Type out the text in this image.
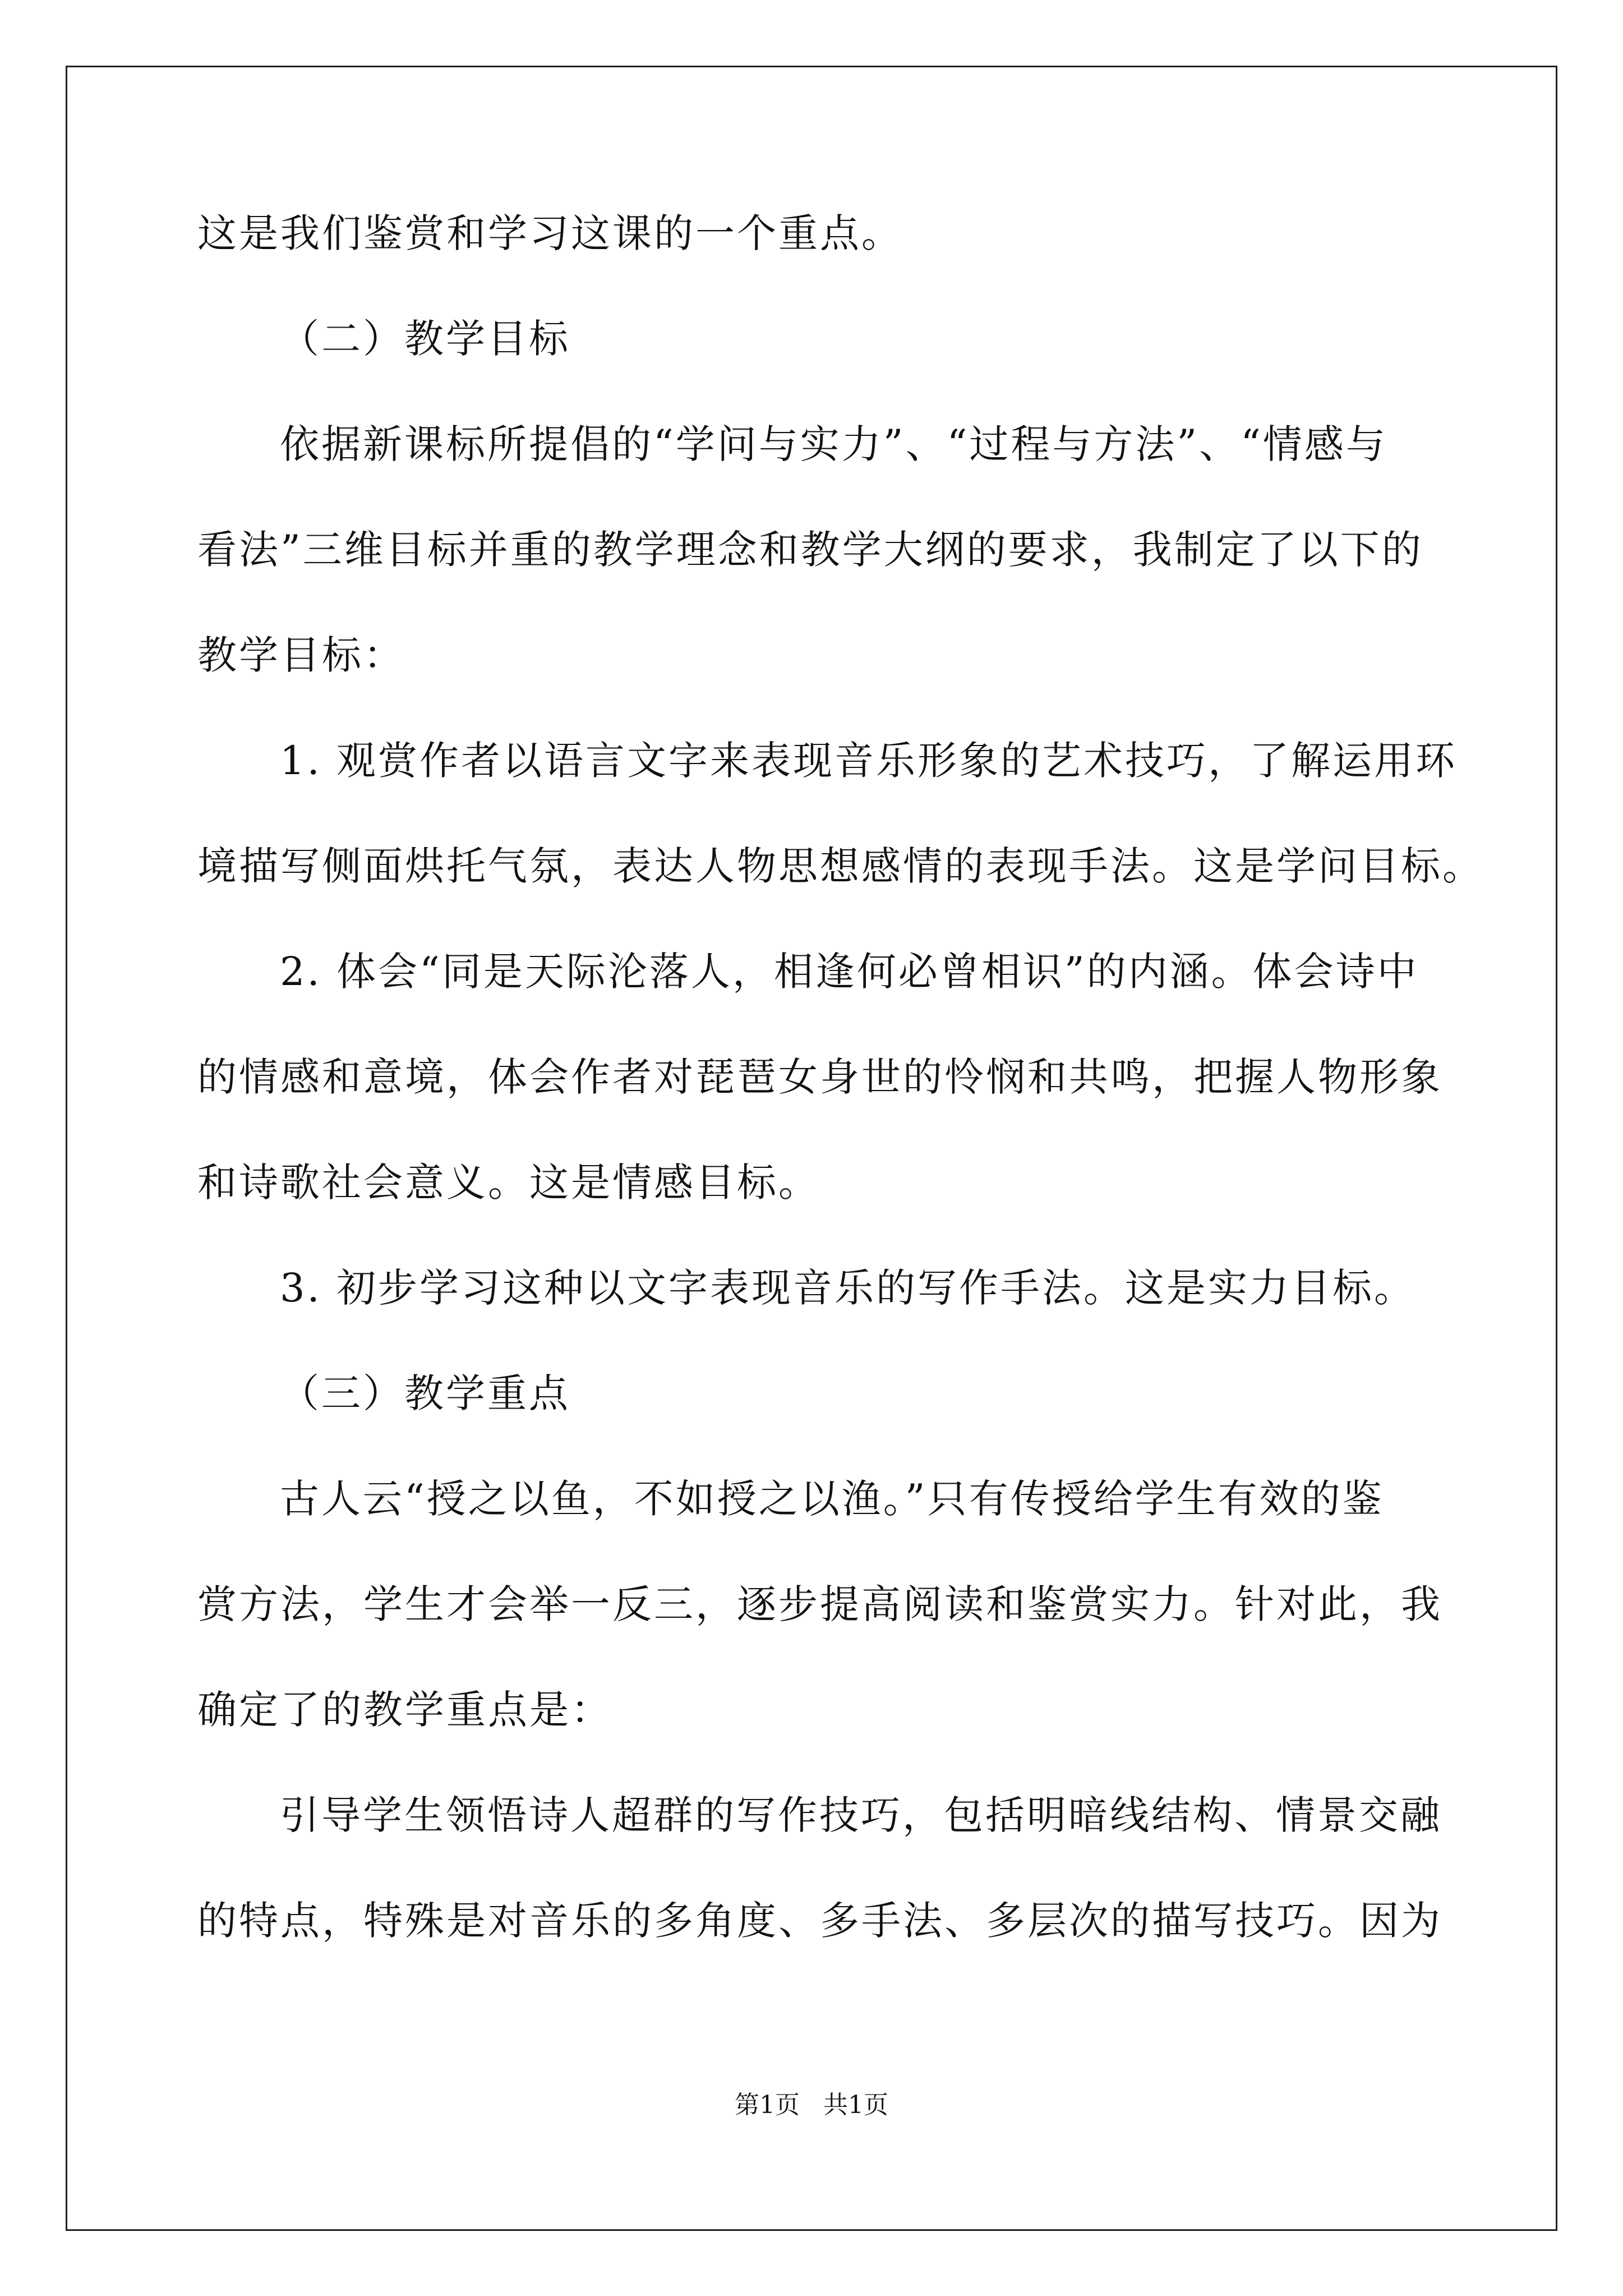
这是我们鉴赏和学习这课的一个重点。
（二）教学目标
依据新课标所提倡的“学问与实力”、“过程与方法”、“情感与
看法”三维目标并重的教学理念和教学大纲的要求，我制定了以下的
教学目标：
1. 观赏作者以语言文字来表现音乐形象的艺术技巧，了解运用环
境描写侧面烘托气氛，表达人物思想感情的表现手法。这是学问目标。
2. 体会“同是天际沦落人，相逢何必曾相识”的内涵。体会诗中
的情感和意境，体会作者对琵琶女身世的怜悯和共鸣，把握人物形象
和诗歌社会意义。这是情感目标。
3. 初步学习这种以文字表现音乐的写作手法。这是实力目标。
（三）教学重点
古人云“授之以鱼，不如授之以渔。”只有传授给学生有效的鉴
赏方法，学生才会举一反三，逐步提高阅读和鉴赏实力。针对此，我
确定了的教学重点是：
引导学生领悟诗人超群的写作技巧，包括明暗线结构、情景交融
的特点，特殊是对音乐的多角度、多手法、多层次的描写技巧。因为
第1页   共1页
